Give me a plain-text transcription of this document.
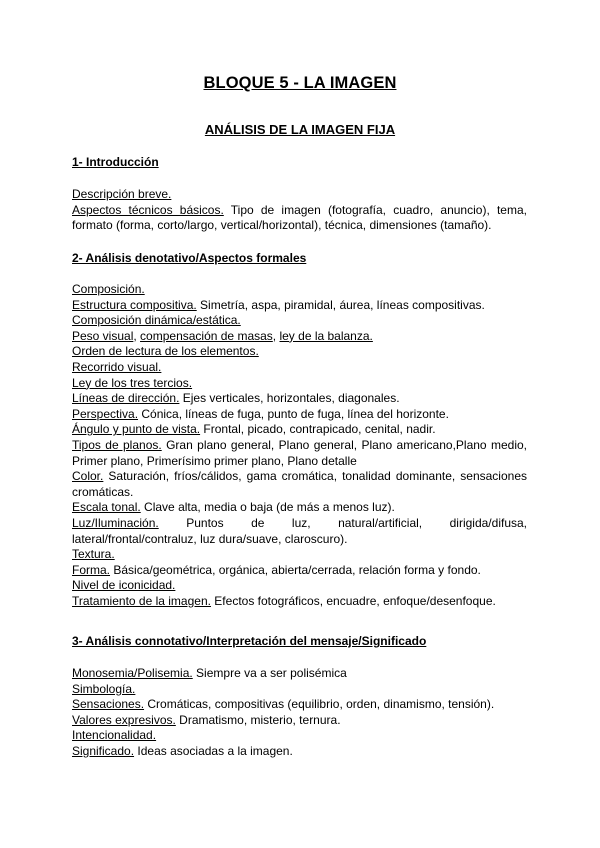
BLOQUE 5 - LA IMAGEN
ANÁLISIS DE LA IMAGEN FIJA
1- Introducción

Descripción breve.

Aspectos técnicos básicos. Tipo de imagen (fotografía, cuadro, anuncio), tema, formato (forma, corto/largo, vertical/horizontal), técnica, dimensiones (tamaño).

2- Análisis denotativo/Aspectos formales

Composición.

Estructura compositiva. Simetría, aspa, piramidal, áurea, líneas compositivas.

Composición dinámica/estática.

Peso visual, compensación de masas, ley de la balanza.

Orden de lectura de los elementos.

Recorrido visual.

Ley de los tres tercios.

Líneas de dirección. Ejes verticales, horizontales, diagonales.

Perspectiva. Cónica, líneas de fuga, punto de fuga, línea del horizonte.

Ángulo y punto de vista. Frontal, picado, contrapicado, cenital, nadir.

Tipos de planos. Gran plano general, Plano general, Plano americano,Plano medio, Primer plano, Primerísimo primer plano, Plano detalle

Color. Saturación, fríos/cálidos, gama cromática, tonalidad dominante, sensaciones cromáticas.

Escala tonal. Clave alta, media o baja (de más a menos luz).

Luz/Iluminación. Puntos de luz, natural/artificial, dirigida/difusa, lateral/frontal/contraluz, luz dura/suave, claroscuro).

Textura.

Forma. Básica/geométrica, orgánica, abierta/cerrada, relación forma y fondo.

Nivel de iconicidad.

Tratamiento de la imagen. Efectos fotográficos, encuadre, enfoque/desenfoque.

3- Análisis connotativo/Interpretación del mensaje/Significado

Monosemia/Polisemia. Siempre va a ser polisémica

Simbología.

Sensaciones. Cromáticas, compositivas (equilibrio, orden, dinamismo, tensión).

Valores expresivos. Dramatismo, misterio, ternura.

Intencionalidad.

Significado. Ideas asociadas a la imagen.
